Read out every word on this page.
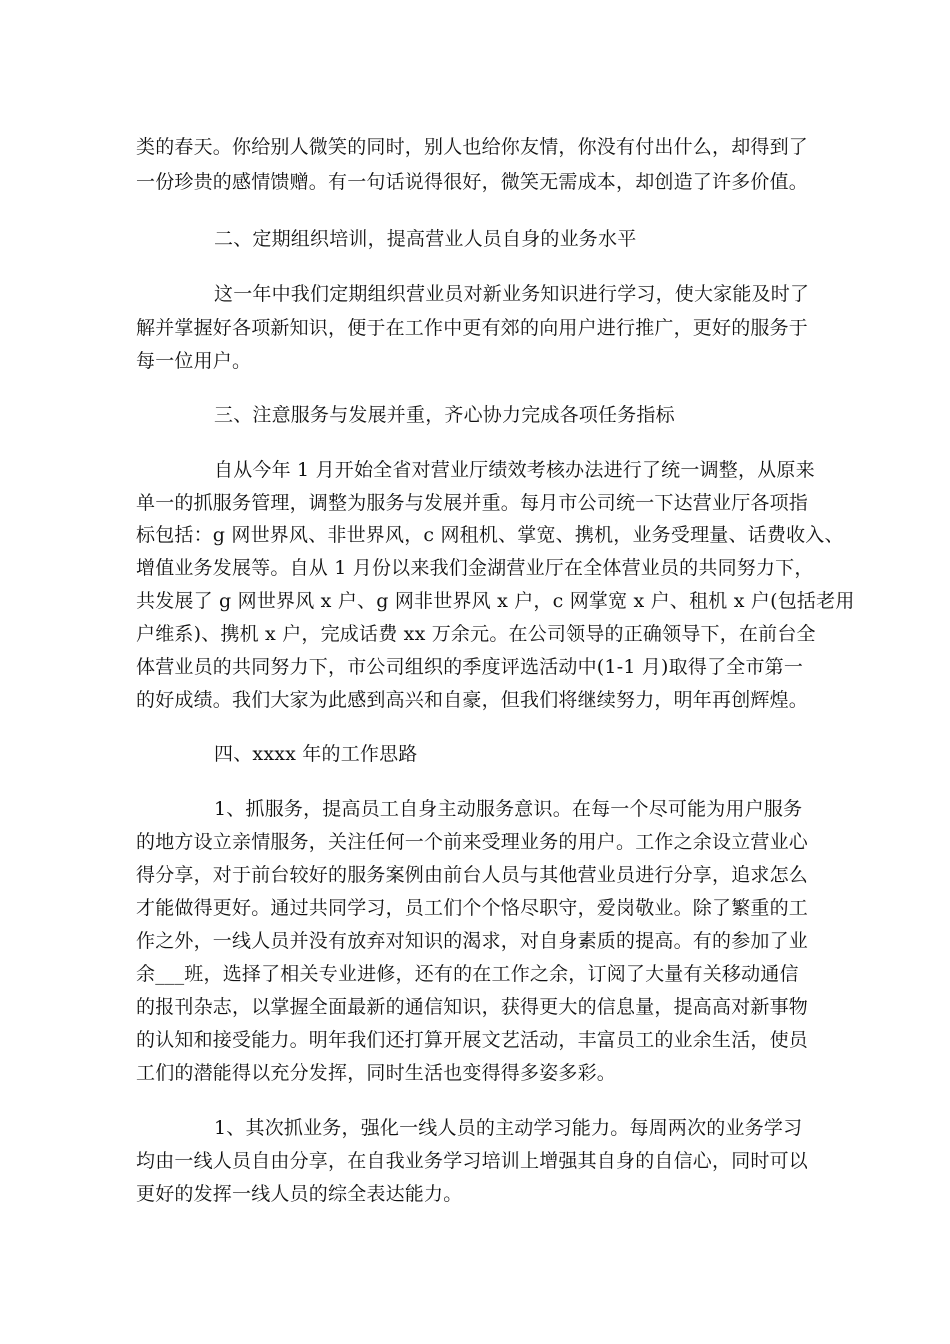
类的春天。你给别人微笑的同时，别人也给你友情，你没有付出什么，却得到了
一份珍贵的感情馈赠。有一句话说得很好，微笑无需成本，却创造了许多价值。
二、定期组织培训，提高营业人员自身的业务水平
这一年中我们定期组织营业员对新业务知识进行学习，使大家能及时了
解并掌握好各项新知识，便于在工作中更有郊的向用户进行推广，更好的服务于
每一位用户。
三、注意服务与发展并重，齐心协力完成各项任务指标
自从今年 1 月开始全省对营业厅绩效考核办法进行了统一调整，从原来
单一的抓服务管理，调整为服务与发展并重。每月市公司统一下达营业厅各项指
标包括：g 网世界风、非世界风，c 网租机、掌宽、携机，业务受理量、话费收入、
增值业务发展等。自从 1 月份以来我们金湖营业厅在全体营业员的共同努力下，
共发展了 g 网世界风 x 户、g 网非世界风 x 户，c 网掌宽 x 户、租机 x 户(包括老用
户维系)、携机 x 户，完成话费 xx 万余元。在公司领导的正确领导下，在前台全
体营业员的共同努力下，市公司组织的季度评选活动中(1-1 月)取得了全市第一
的好成绩。我们大家为此感到高兴和自豪，但我们将继续努力，明年再创辉煌。
四、xxxx 年的工作思路
1、抓服务，提高员工自身主动服务意识。在每一个尽可能为用户服务
的地方设立亲情服务，关注任何一个前来受理业务的用户。工作之余设立营业心
得分享，对于前台较好的服务案例由前台人员与其他营业员进行分享，追求怎么
才能做得更好。通过共同学习，员工们个个恪尽职守，爱岗敬业。除了繁重的工
作之外，一线人员并没有放弃对知识的渴求，对自身素质的提高。有的参加了业
余___班，选择了相关专业进修，还有的在工作之余，订阅了大量有关移动通信
的报刊杂志，以掌握全面最新的通信知识，获得更大的信息量，提高高对新事物
的认知和接受能力。明年我们还打算开展文艺活动，丰富员工的业余生活，使员
工们的潜能得以充分发挥，同时生活也变得得多姿多彩。
1、其次抓业务，强化一线人员的主动学习能力。每周两次的业务学习
均由一线人员自由分享，在自我业务学习培训上增强其自身的自信心，同时可以
更好的发挥一线人员的综全表达能力。
